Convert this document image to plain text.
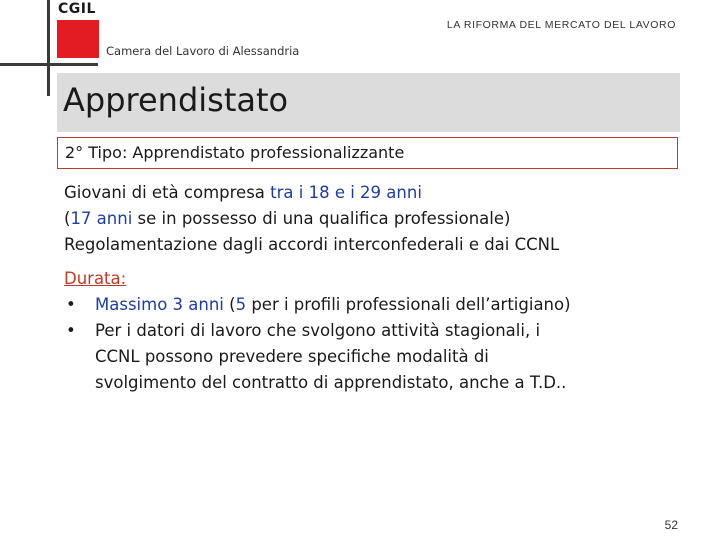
CGIL
Camera del Lavoro di Alessandria
LA RIFORMA DEL MERCATO DEL LAVORO
Apprendistato
2° Tipo: Apprendistato professionalizzante

Giovani di età compresa tra i 18 e i 29 anni

(17 anni se in possesso di una qualifica professionale)

Regolamentazione dagli accordi interconfederali e dai CCNL

Durata:

• Massimo 3 anni (5 per i profili professionali dell’artigiano)

• Per i datori di lavoro che svolgono attività stagionali, i

CCNL possono prevedere specifiche modalità di

svolgimento del contratto di apprendistato, anche a T.D..

52
